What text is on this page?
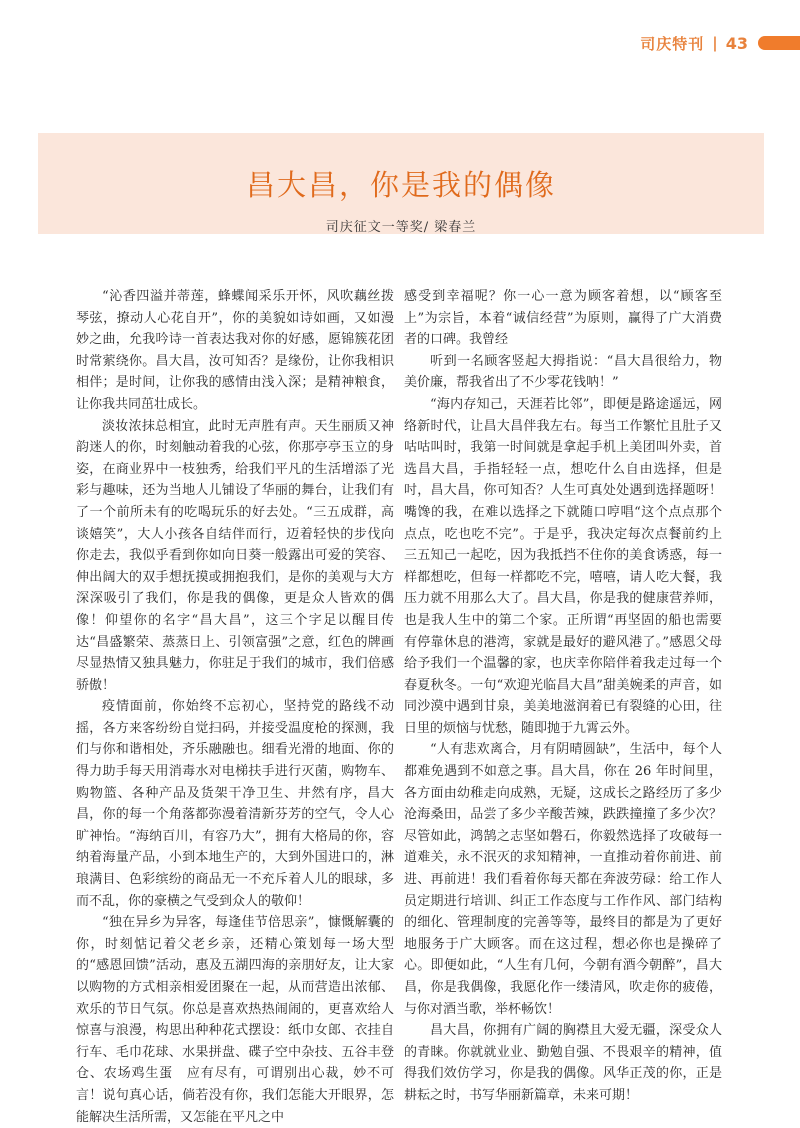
司庆特刊 | 43
昌大昌，你是我的偶像
司庆征文一等奖/ 梁春兰

“沁香四溢并蒂莲，蜂蝶闻采乐开怀，风吹藕丝拨琴弦，撩动人心花自开”，你的美貌如诗如画，又如漫妙之曲，允我吟诗一首表达我对你的好感，愿锦簇花团时常萦绕你。昌大昌，汝可知否？是缘份，让你我相识相伴；是时间，让你我的感情由浅入深；是精神粮食，让你我共同茁壮成长。

淡妆浓抹总相宜，此时无声胜有声。天生丽质又神韵迷人的你，时刻触动着我的心弦，你那亭亭玉立的身姿，在商业界中一枝独秀，给我们平凡的生活增添了光彩与趣味，还为当地人儿铺设了华丽的舞台，让我们有了一个前所未有的吃喝玩乐的好去处。“三五成群，高谈嬉笑”，大人小孩各自结伴而行，迈着轻快的步伐向你走去，我似乎看到你如向日葵一般露出可爱的笑容、伸出阔大的双手想抚摸或拥抱我们，是你的美观与大方深深吸引了我们，你是我的偶像，更是众人皆欢的偶像！仰望你的名字“昌大昌”，这三个字足以醒目传达“昌盛繁荣、蒸蒸日上、引领富强”之意，红色的牌画尽显热情又独具魅力，你驻足于我们的城市，我们倍感骄傲！

疫情面前，你始终不忘初心，坚持党的路线不动摇，各方来客纷纷自觉扫码，并接受温度枪的探测，我们与你和谐相处，齐乐融融也。细看光滑的地面、你的得力助手每天用消毒水对电梯扶手进行灭菌，购物车、购物篮、各种产品及货架干净卫生、井然有序，昌大昌，你的每一个角落都弥漫着清新芬芳的空气，令人心旷神怡。“海纳百川，有容乃大”，拥有大格局的你，容纳着海量产品，小到本地生产的，大到外国进口的，淋琅满目、色彩缤纷的商品无一不充斥着人儿的眼球，多而不乱，你的豪横之气受到众人的敬仰！

“独在异乡为异客，每逢佳节倍思亲”，慷慨解囊的你，时刻惦记着父老乡亲，还精心策划每一场大型的“感恩回馈”活动，惠及五湖四海的亲朋好友，让大家以购物的方式相亲相爱团聚在一起，从而营造出浓郁、欢乐的节日气氛。你总是喜欢热热闹闹的，更喜欢给人惊喜与浪漫，构思出种种花式摆设：纸巾女郎、衣挂自行车、毛巾花球、水果拼盘、碟子空中杂技、五谷丰登仓、农场鸡生蛋　应有尽有，可谓别出心裁，妙不可言！说句真心话，倘若没有你，我们怎能大开眼界，怎能解决生活所需，又怎能在平凡之中

感受到幸福呢？你一心一意为顾客着想，以“顾客至上”为宗旨，本着“诚信经营”为原则，赢得了广大消费者的口碑。我曾经

听到一名顾客竖起大拇指说：“昌大昌很给力，物美价廉，帮我省出了不少零花钱呐！”

“海内存知己，天涯若比邻”，即便是路途遥远，网络新时代，让昌大昌伴我左右。每当工作繁忙且肚子又咕咕叫时，我第一时间就是拿起手机上美团叫外卖，首选昌大昌，手指轻轻一点，想吃什么自由选择，但是吋，昌大昌，你可知否？人生可真处处遇到选择题呀！嘴馋的我，在难以选择之下就随口哼唱“这个点点那个点点，吃也吃不完”。于是乎，我决定每次点餐前约上三五知己一起吃，因为我抵挡不住你的美食诱惑，每一样都想吃，但每一样都吃不完，嘻嘻，请人吃大餐，我压力就不用那么大了。昌大昌，你是我的健康营养师，也是我人生中的第二个家。正所谓“再坚固的船也需要有停靠休息的港湾，家就是最好的避风港了。”感恩父母给予我们一个温馨的家，也庆幸你陪伴着我走过每一个春夏秋冬。一句“欢迎光临昌大昌”甜美婉柔的声音，如同沙漠中遇到甘泉，美美地滋润着已有裂缝的心田，往日里的烦恼与忧愁，随即抛于九霄云外。

“人有悲欢离合，月有阴晴圆缺”，生活中，每个人都难免遇到不如意之事。昌大昌，你在 26 年时间里，各方面由幼稚走向成熟，无疑，这成长之路经历了多少沧海桑田，品尝了多少辛酸苦辣，跌跌撞撞了多少次？尽管如此，鸿鹄之志坚如磐石，你毅然选择了攻破每一道难关，永不泯灭的求知精神，一直推动着你前进、前进、再前进！我们看着你每天都在奔波劳碌：给工作人员定期进行培训、纠正工作态度与工作作风、部门结构的细化、管理制度的完善等等，最终目的都是为了更好地服务于广大顾客。而在这过程，想必你也是操碎了心。即便如此，“人生有几何，今朝有酒今朝醉”，昌大昌，你是我偶像，我愿化作一缕清风，吹走你的疲倦，与你对酒当歌，举杯畅饮！

昌大昌，你拥有广阔的胸襟且大爱无疆，深受众人的青睐。你就就业业、勤勉自强、不畏艰辛的精神，值得我们效仿学习，你是我的偶像。风华正茂的你，正是耕耘之时，书写华丽新篇章，未来可期！
